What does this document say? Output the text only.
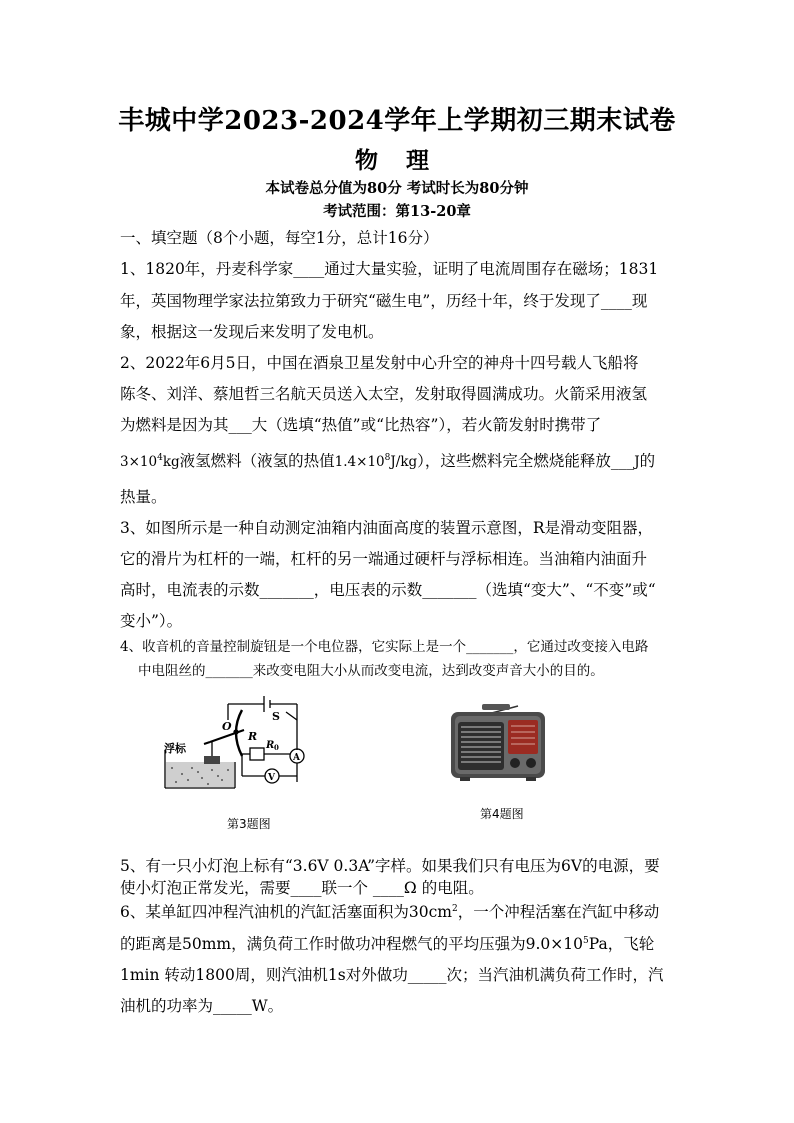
丰城中学2023-2024学年上学期初三期末试卷
物 理
本试卷总分值为80分 考试时长为80分钟
考试范围：第13-20章
一、填空题（8个小题，每空1分，总计16分）
1、1820年，丹麦科学家____通过大量实验，证明了电流周围存在磁场；1831
年，英国物理学家法拉第致力于研究“磁生电”，历经十年，终于发现了____现
象，根据这一发现后来发明了发电机。
2、2022年6月5日，中国在酒泉卫星发射中心升空的神舟十四号载人飞船将
陈冬、刘洋、蔡旭哲三名航天员送入太空，发射取得圆满成功。火箭采用液氢
为燃料是因为其___大（选填“热值”或“比热容”），若火箭发射时携带了
$3\times 10^4kg$液氢燃料（液氢的热值$1.4\times 10^8J/kg$），这些燃料完全燃烧能释放___J的
热量。
3、如图所示是一种自动测定油箱内油面高度的装置示意图，R是滑动变阻器，
它的滑片为杠杆的一端，杠杆的另一端通过硬杆与浮标相连。当油箱内油面升
高时，电流表的示数_______，电压表的示数_______（选填“变大”、“不变”或“
变小”）。
4、收音机的音量控制旋钮是一个电位器，它实际上是一个_______，它通过改变接入电路
中电阻丝的_______来改变电阻大小从而改变电流，达到改变声音大小的目的。
O
S
R
R 0
A
V
浮标
第3题图
第4题图
5、有一只小灯泡上标有“3.6V 0.3A”字样。如果我们只有电压为6V的电源，要
使小灯泡正常发光，需要____联一个 ____Ω 的电阻。
6、某单缸四冲程汽油机的汽缸活塞面积为$30cm^2$，一个冲程活塞在汽缸中移动
的距离是50mm，满负荷工作时做功冲程燃气的平均压强为$9.0\times 10^5Pa$，飞轮
1min 转动1800周，则汽油机1s对外做功_____次；当汽油机满负荷工作时，汽
油机的功率为_____W。
